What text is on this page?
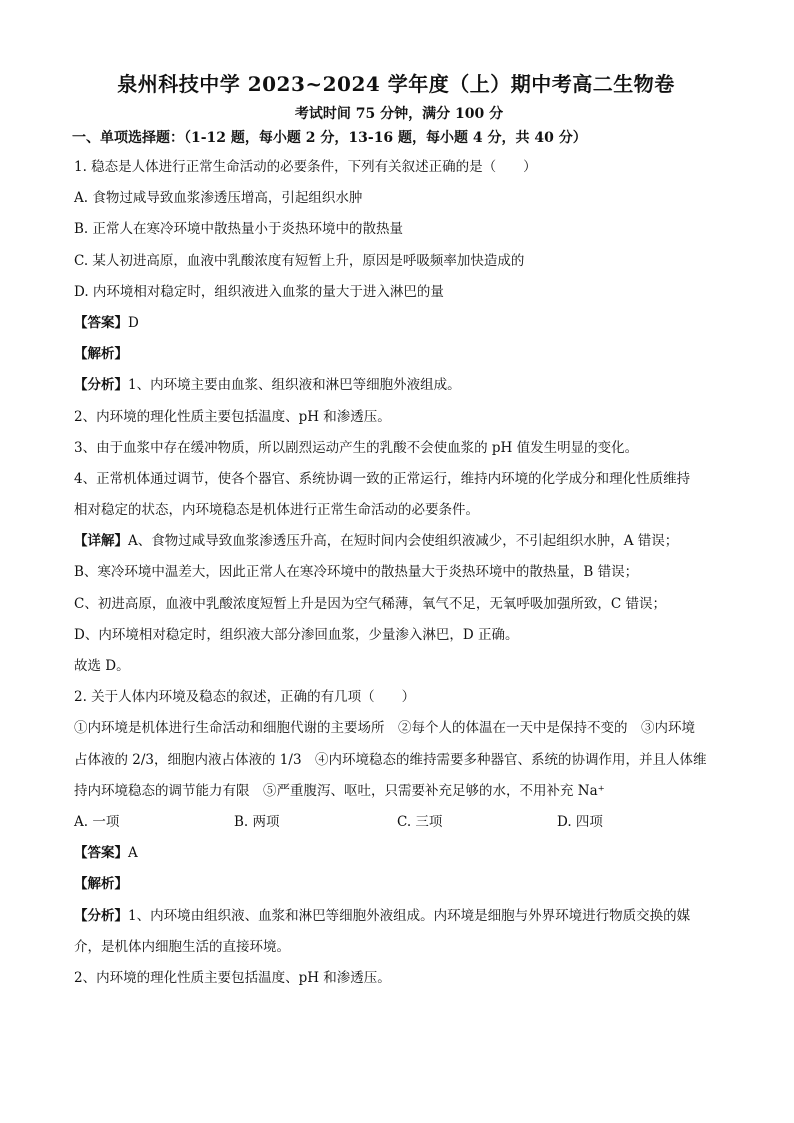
泉州科技中学 2023~2024 学年度（上）期中考高二生物卷
考试时间 75 分钟，满分 100 分
一、单项选择题：（1-12 题，每小题 2 分，13-16 题，每小题 4 分，共 40 分）
1. 稳态是人体进行正常生命活动的必要条件，下列有关叙述正确的是（　　）
A. 食物过咸导致血浆渗透压增高，引起组织水肿
B. 正常人在寒冷环境中散热量小于炎热环境中的散热量
C. 某人初进高原，血液中乳酸浓度有短暂上升，原因是呼吸频率加快造成的
D. 内环境相对稳定时，组织液进入血浆的量大于进入淋巴的量
【答案】D
【解析】
【分析】1、内环境主要由血浆、组织液和淋巴等细胞外液组成。
2、内环境的理化性质主要包括温度、pH 和渗透压。
3、由于血浆中存在缓冲物质，所以剧烈运动产生的乳酸不会使血浆的 pH 值发生明显的变化。
4、正常机体通过调节，使各个器官、系统协调一致的正常运行，维持内环境的化学成分和理化性质维持
相对稳定的状态，内环境稳态是机体进行正常生命活动的必要条件。
【详解】A、食物过咸导致血浆渗透压升高，在短时间内会使组织液减少，不引起组织水肿，A 错误；
B、寒冷环境中温差大，因此正常人在寒冷环境中的散热量大于炎热环境中的散热量，B 错误；
C、初进高原，血液中乳酸浓度短暂上升是因为空气稀薄，氧气不足，无氧呼吸加强所致，C 错误；
D、内环境相对稳定时，组织液大部分渗回血浆，少量渗入淋巴，D 正确。
故选 D。
2. 关于人体内环境及稳态的叙述，正确的有几项（　　）
①内环境是机体进行生命活动和细胞代谢的主要场所　②每个人的体温在一天中是保持不变的　③内环境
占体液的 2/3，细胞内液占体液的 1/3　④内环境稳态的维持需要多种器官、系统的协调作用，并且人体维
持内环境稳态的调节能力有限　⑤严重腹泻、呕吐，只需要补充足够的水，不用补充 Na⁺
A. 一项	B. 两项	C. 三项	D. 四项
【答案】A
【解析】
【分析】1、内环境由组织液、血浆和淋巴等细胞外液组成。内环境是细胞与外界环境进行物质交换的媒
介，是机体内细胞生活的直接环境。
2、内环境的理化性质主要包括温度、pH 和渗透压。
